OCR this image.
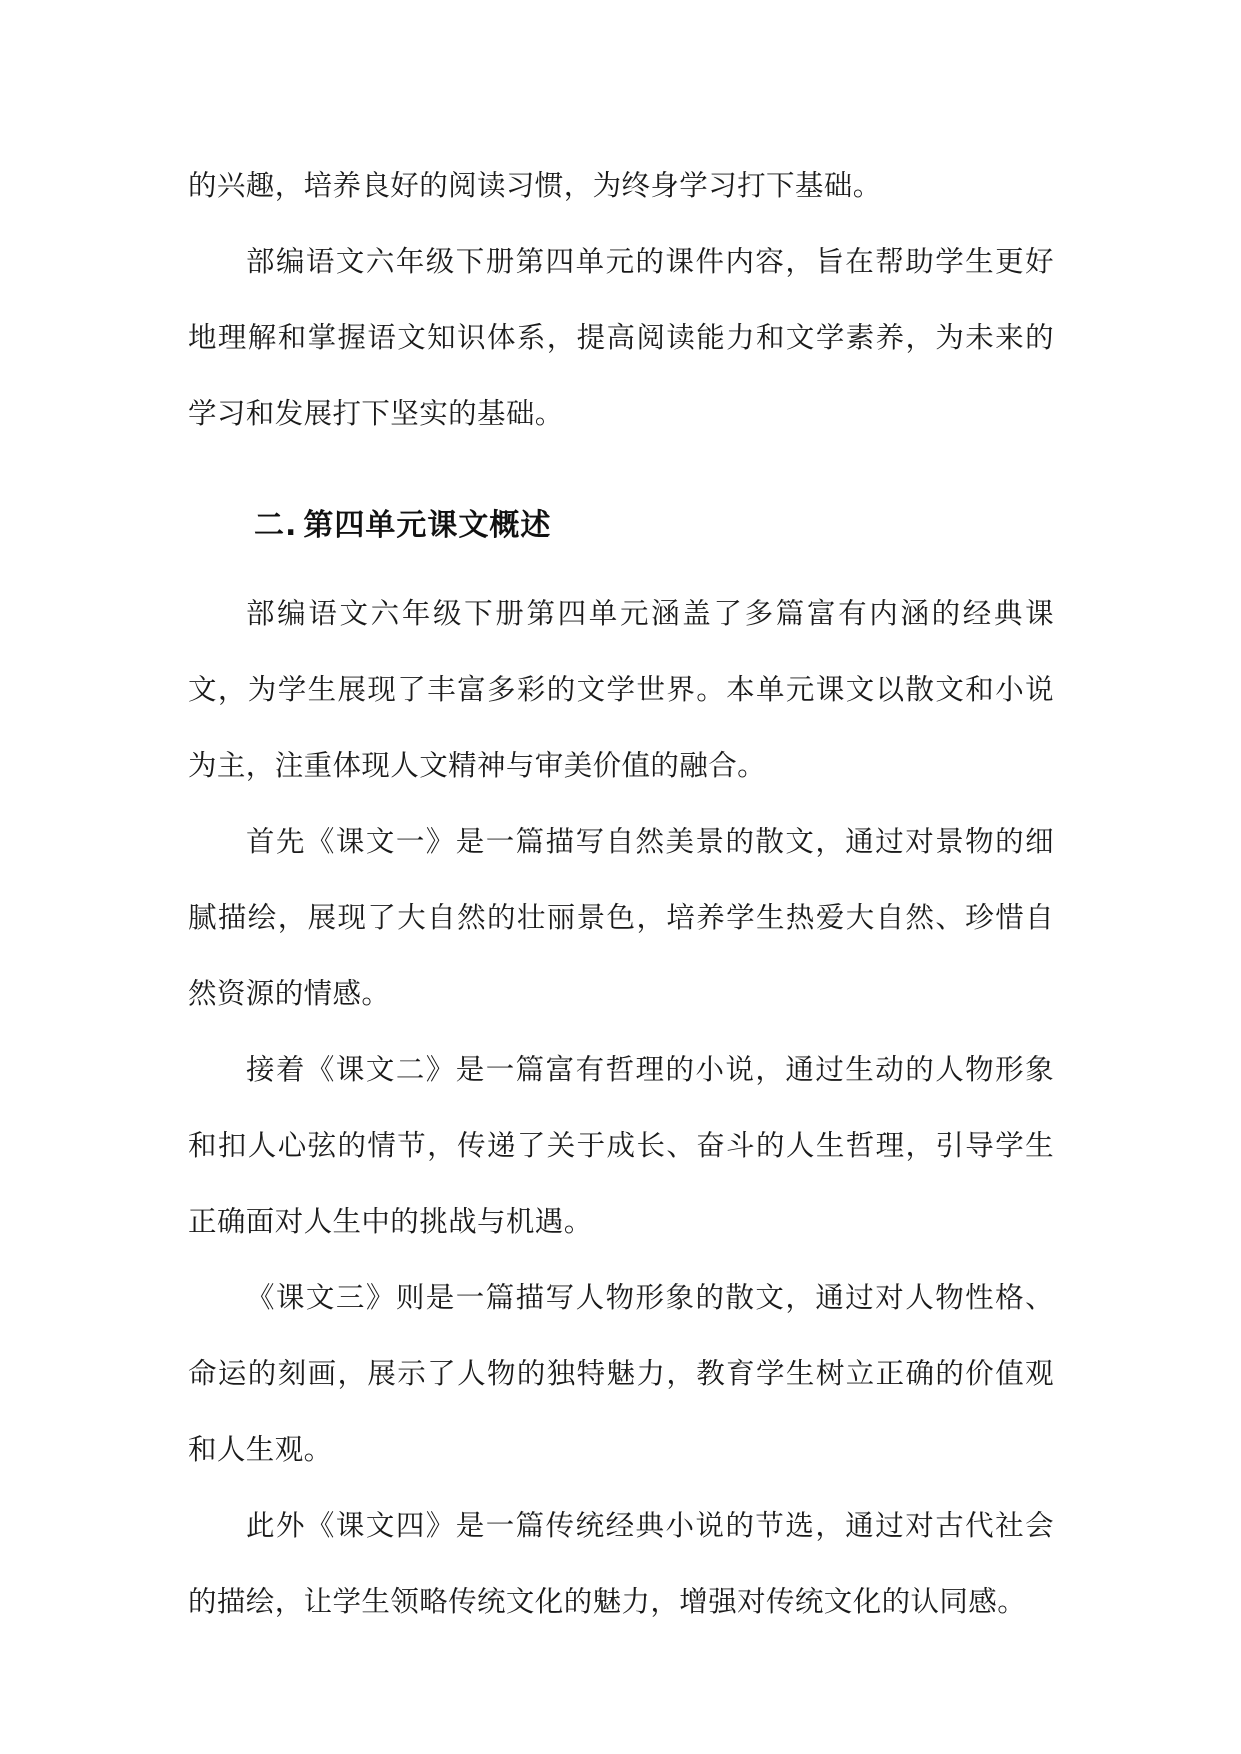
的兴趣，培养良好的阅读习惯，为终身学习打下基础。

部编语文六年级下册第四单元的课件内容，旨在帮助学生更好地理解和掌握语文知识体系，提高阅读能力和文学素养，为未来的学习和发展打下坚实的基础。

二. 第四单元课文概述

部编语文六年级下册第四单元涵盖了多篇富有内涵的经典课文，为学生展现了丰富多彩的文学世界。本单元课文以散文和小说为主，注重体现人文精神与审美价值的融合。

首先《课文一》是一篇描写自然美景的散文，通过对景物的细腻描绘，展现了大自然的壮丽景色，培养学生热爱大自然、珍惜自然资源的情感。

接着《课文二》是一篇富有哲理的小说，通过生动的人物形象和扣人心弦的情节，传递了关于成长、奋斗的人生哲理，引导学生正确面对人生中的挑战与机遇。

《课文三》则是一篇描写人物形象的散文，通过对人物性格、命运的刻画，展示了人物的独特魅力，教育学生树立正确的价值观和人生观。

此外《课文四》是一篇传统经典小说的节选，通过对古代社会的描绘，让学生领略传统文化的魅力，增强对传统文化的认同感。
